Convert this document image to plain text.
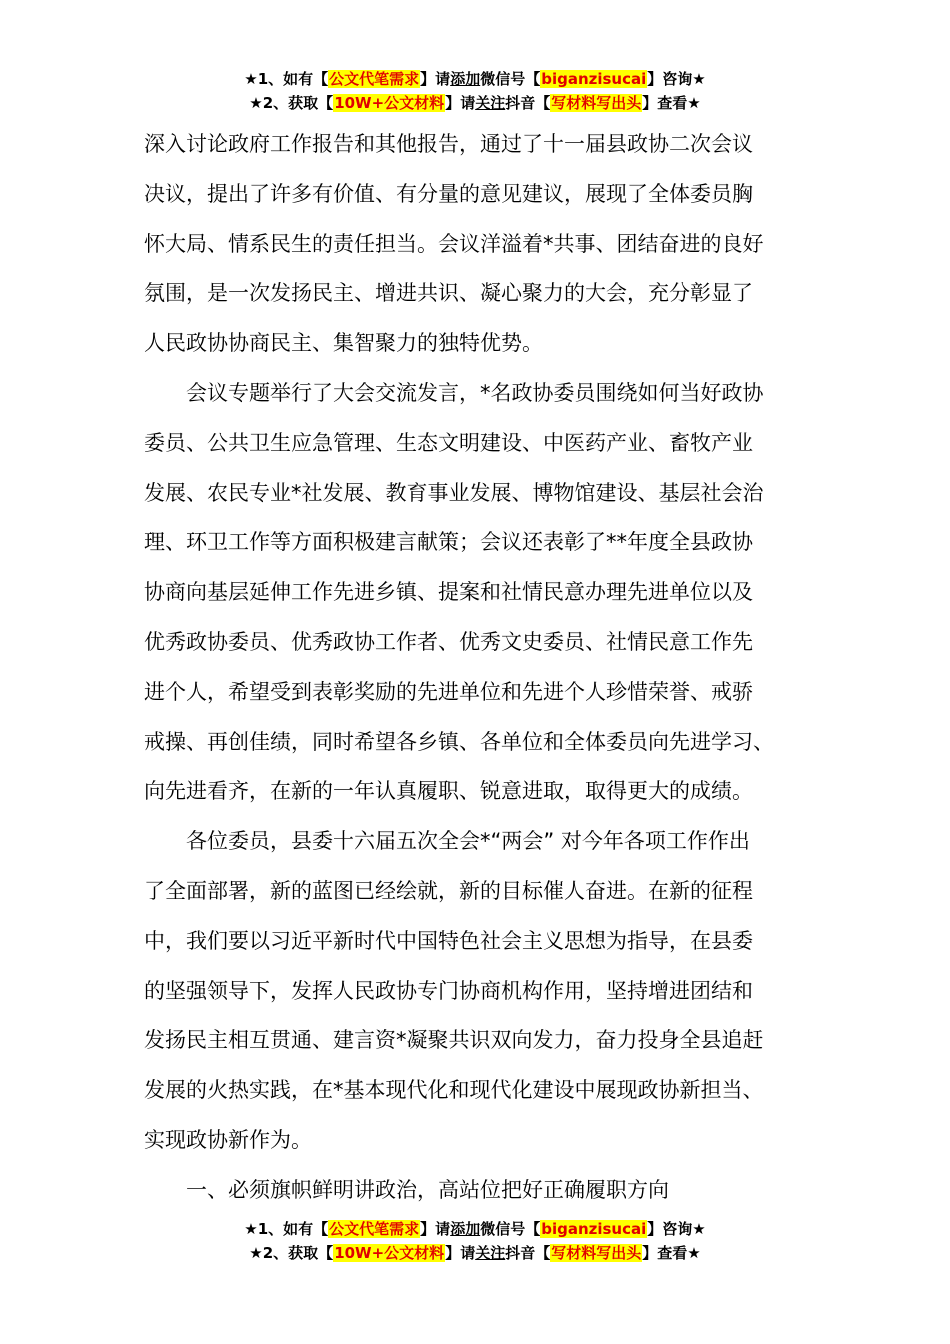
★1、如有【公文代笔需求】请添加微信号【biganzisucai】咨询★
★2、获取【10W+公文材料】请关注抖音【写材料写出头】查看★

深入讨论政府工作报告和其他报告，通过了十一届县政协二次会议

决议，提出了许多有价值、有分量的意见建议，展现了全体委员胸

怀大局、情系民生的责任担当。会议洋溢着*共事、团结奋进的良好

氛围，是一次发扬民主、增进共识、凝心聚力的大会，充分彰显了

人民政协协商民主、集智聚力的独特优势。

　　会议专题举行了大会交流发言，*名政协委员围绕如何当好政协

委员、公共卫生应急管理、生态文明建设、中医药产业、畜牧产业

发展、农民专业*社发展、教育事业发展、博物馆建设、基层社会治

理、环卫工作等方面积极建言献策；会议还表彰了**年度全县政协

协商向基层延伸工作先进乡镇、提案和社情民意办理先进单位以及

优秀政协委员、优秀政协工作者、优秀文史委员、社情民意工作先

进个人，希望受到表彰奖励的先进单位和先进个人珍惜荣誉、戒骄

戒操、再创佳绩，同时希望各乡镇、各单位和全体委员向先进学习、

向先进看齐，在新的一年认真履职、锐意进取，取得更大的成绩。

　　各位委员，县委十六届五次全会*“两会” 对今年各项工作作出

了全面部署，新的蓝图已经绘就，新的目标催人奋进。在新的征程

中，我们要以习近平新时代中国特色社会主义思想为指导，在县委

的坚强领导下，发挥人民政协专门协商机构作用，坚持增进团结和

发扬民主相互贯通、建言资*凝聚共识双向发力，奋力投身全县追赶

发展的火热实践，在*基本现代化和现代化建设中展现政协新担当、

实现政协新作为。

　　一、必须旗帜鲜明讲政治，高站位把好正确履职方向

★1、如有【公文代笔需求】请添加微信号【biganzisucai】咨询★
★2、获取【10W+公文材料】请关注抖音【写材料写出头】查看★
